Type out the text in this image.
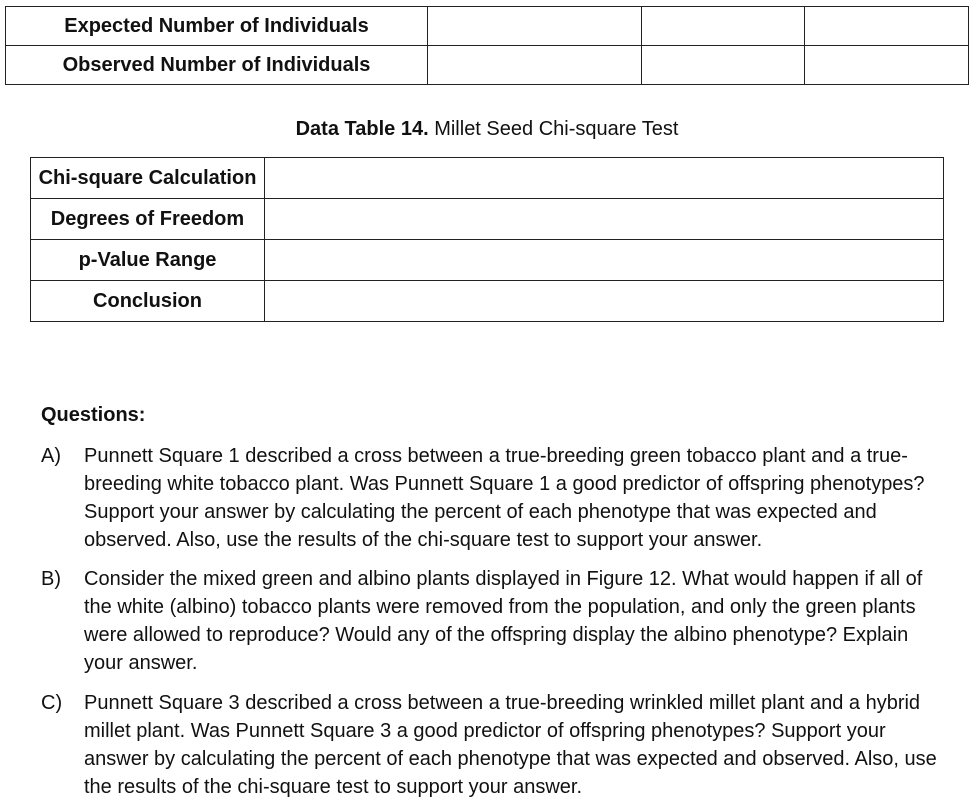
Expected Number of Individuals			
Observed Number of Individuals			
Data Table 14. Millet Seed Chi-square Test
Chi-square Calculation	
Degrees of Freedom	
p-Value Range	
Conclusion	
Questions:
A) Punnett Square 1 described a cross between a true-breeding green tobacco plant and a true-breeding white tobacco plant. Was Punnett Square 1 a good predictor of offspring phenotypes? Support your answer by calculating the percent of each phenotype that was expected and observed. Also, use the results of the chi-square test to support your answer.
B) Consider the mixed green and albino plants displayed in Figure 12. What would happen if all of the white (albino) tobacco plants were removed from the population, and only the green plants were allowed to reproduce? Would any of the offspring display the albino phenotype? Explain your answer.
C) Punnett Square 3 described a cross between a true-breeding wrinkled millet plant and a hybrid millet plant. Was Punnett Square 3 a good predictor of offspring phenotypes? Support your answer by calculating the percent of each phenotype that was expected and observed. Also, use the results of the chi-square test to support your answer.
